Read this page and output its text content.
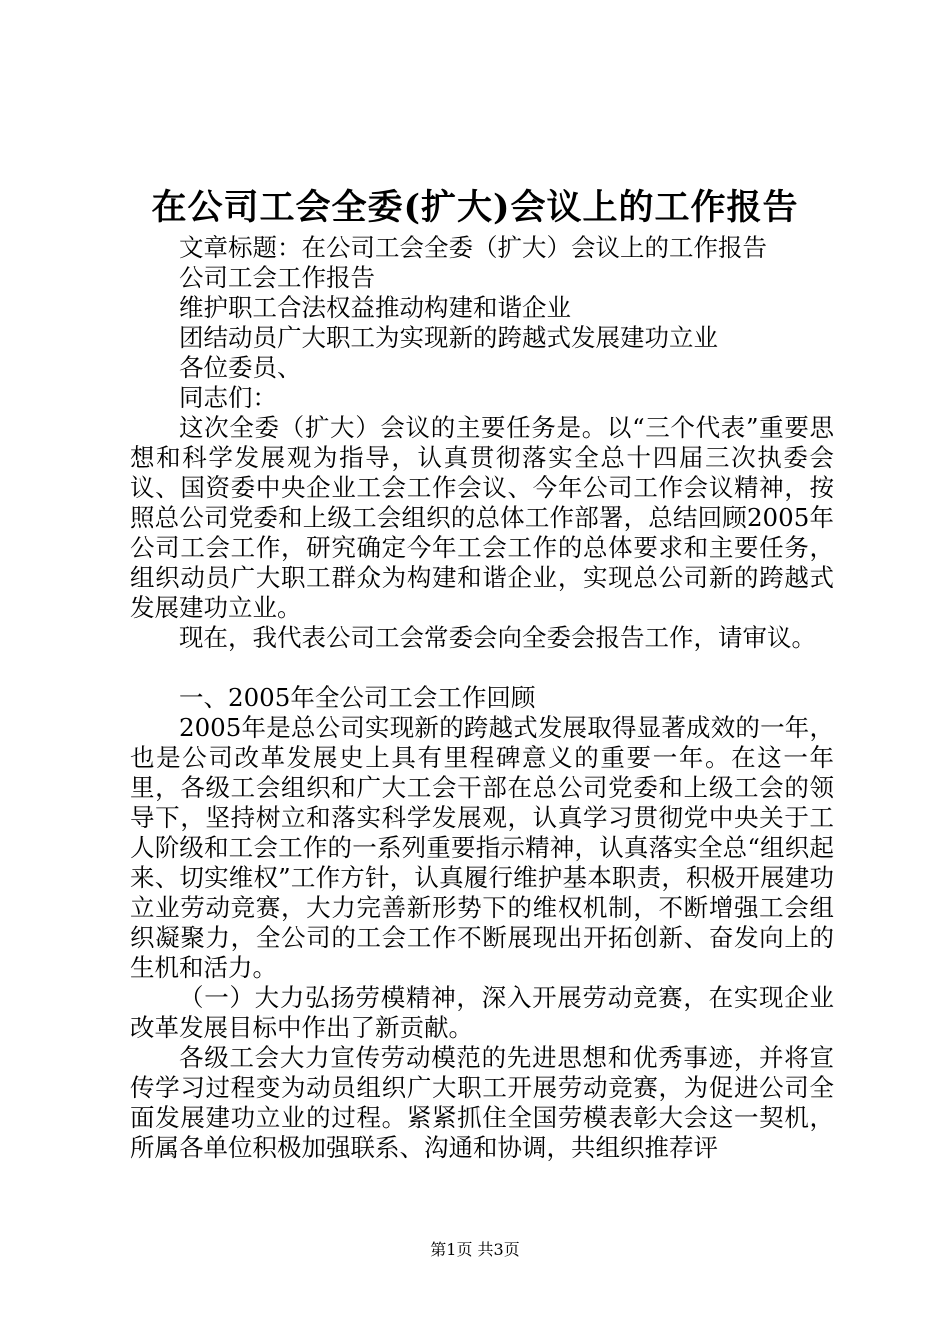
在公司工会全委(扩大)会议上的工作报告

文章标题：在公司工会全委（扩大）会议上的工作报告

公司工会工作报告

维护职工合法权益推动构建和谐企业

团结动员广大职工为实现新的跨越式发展建功立业

各位委员、

同志们：

这次全委（扩大）会议的主要任务是。以“三个代表”重要思想和科学发展观为指导，认真贯彻落实全总十四届三次执委会议、国资委中央企业工会工作会议、今年公司工作会议精神，按照总公司党委和上级工会组织的总体工作部署，总结回顾2005年公司工会工作，研究确定今年工会工作的总体要求和主要任务，组织动员广大职工群众为构建和谐企业，实现总公司新的跨越式发展建功立业。

现在，我代表公司工会常委会向全委会报告工作，请审议。

一、2005年全公司工会工作回顾

2005年是总公司实现新的跨越式发展取得显著成效的一年，也是公司改革发展史上具有里程碑意义的重要一年。在这一年里，各级工会组织和广大工会干部在总公司党委和上级工会的领导下，坚持树立和落实科学发展观，认真学习贯彻党中央关于工人阶级和工会工作的一系列重要指示精神，认真落实全总“组织起来、切实维权”工作方针，认真履行维护基本职责，积极开展建功立业劳动竞赛，大力完善新形势下的维权机制，不断增强工会组织凝聚力，全公司的工会工作不断展现出开拓创新、奋发向上的生机和活力。

（一）大力弘扬劳模精神，深入开展劳动竞赛，在实现企业改革发展目标中作出了新贡献。

各级工会大力宣传劳动模范的先进思想和优秀事迹，并将宣传学习过程变为动员组织广大职工开展劳动竞赛，为促进公司全面发展建功立业的过程。紧紧抓住全国劳模表彰大会这一契机，所属各单位积极加强联系、沟通和协调，共组织推荐评

第1页 共3页
